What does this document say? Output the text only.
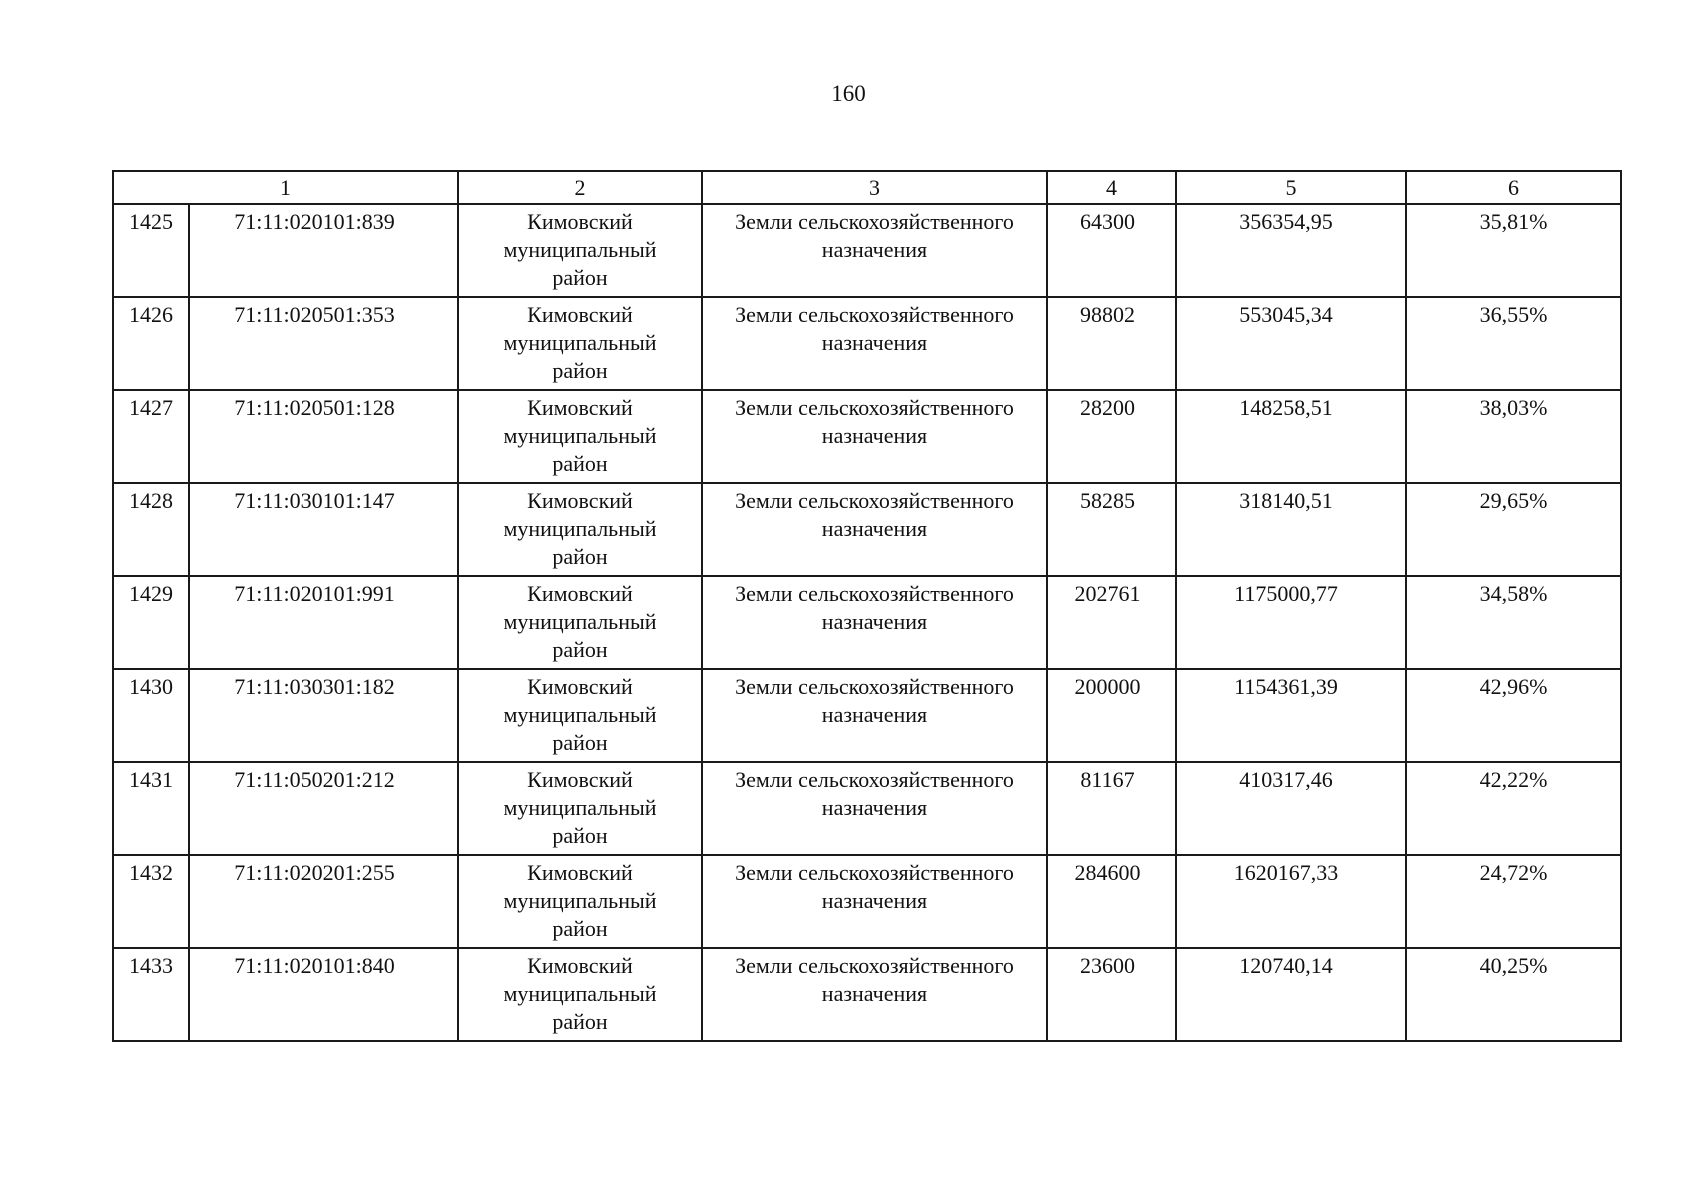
160
1		2	3	4	5	6
1425	71:11:020101:839	Кимовский
муниципальный
район	Земли сельскохозяйственного
назначения	64300	356354,95	35,81%
1426	71:11:020501:353	Кимовский
муниципальный
район	Земли сельскохозяйственного
назначения	98802	553045,34	36,55%
1427	71:11:020501:128	Кимовский
муниципальный
район	Земли сельскохозяйственного
назначения	28200	148258,51	38,03%
1428	71:11:030101:147	Кимовский
муниципальный
район	Земли сельскохозяйственного
назначения	58285	318140,51	29,65%
1429	71:11:020101:991	Кимовский
муниципальный
район	Земли сельскохозяйственного
назначения	202761	1175000,77	34,58%
1430	71:11:030301:182	Кимовский
муниципальный
район	Земли сельскохозяйственного
назначения	200000	1154361,39	42,96%
1431	71:11:050201:212	Кимовский
муниципальный
район	Земли сельскохозяйственного
назначения	81167	410317,46	42,22%
1432	71:11:020201:255	Кимовский
муниципальный
район	Земли сельскохозяйственного
назначения	284600	1620167,33	24,72%
1433	71:11:020101:840	Кимовский
муниципальный
район	Земли сельскохозяйственного
назначения	23600	120740,14	40,25%
